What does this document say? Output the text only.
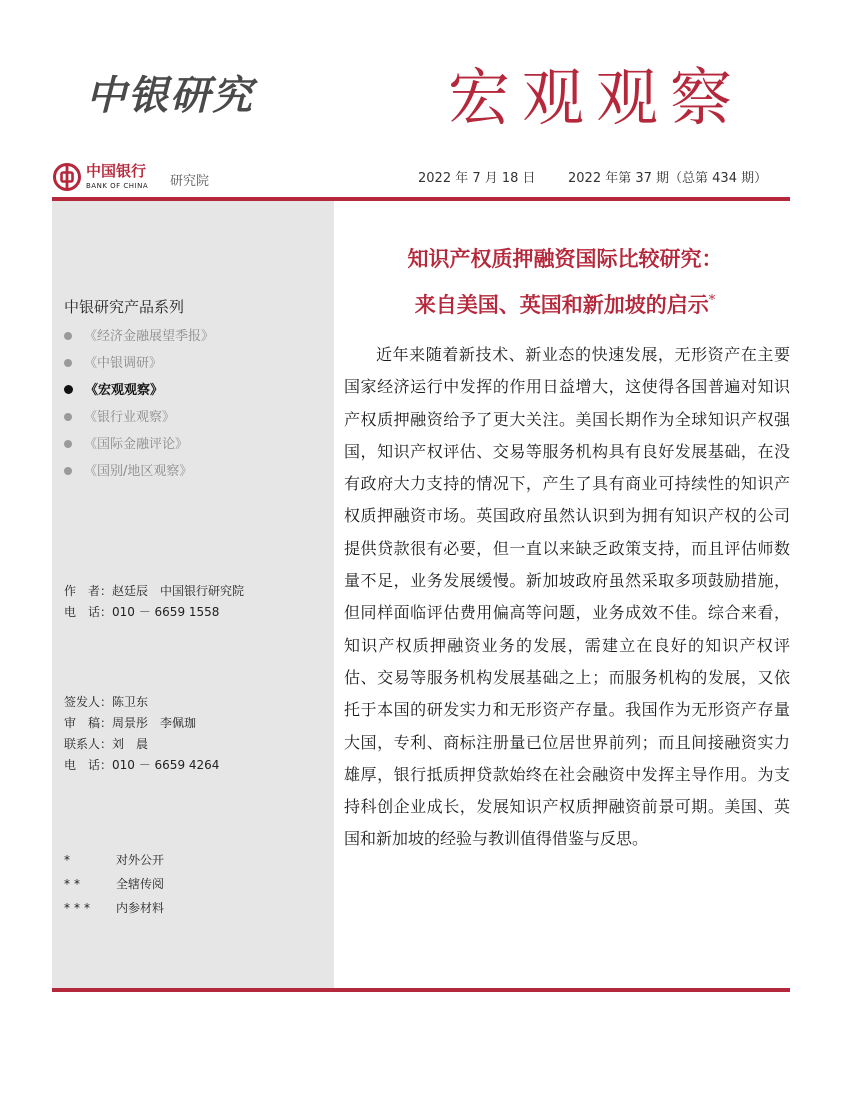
中银研究	宏观观察
中国银行
BANK OF CHINA 研究院	2022 年 7 月 18 日 2022 年第 37 期（总第 434 期）
中银研究产品系列
《经济金融展望季报》
《中银调研》
《宏观观察》
《银行业观察》
《国际金融评论》
《国别/地区观察》
作　者：赵廷辰 中国银行研究院
电　话：010 － 6659 1558
签发人：陈卫东
审　稿：周景彤　李佩珈
联系人：刘　晨
电　话：010 － 6659 4264
*	对外公开
**	全辖传阅
*** 内参材料
知识产权质押融资国际比较研究：
来自美国、英国和新加坡的启示*

近年来随着新技术、新业态的快速发展，无形资产在主要国家经济运行中发挥的作用日益增大，这使得各国普遍对知识产权质押融资给予了更大关注。美国长期作为全球知识产权强国，知识产权评估、交易等服务机构具有良好发展基础，在没有政府大力支持的情况下，产生了具有商业可持续性的知识产权质押融资市场。英国政府虽然认识到为拥有知识产权的公司提供贷款很有必要，但一直以来缺乏政策支持，而且评估师数量不足，业务发展缓慢。新加坡政府虽然采取多项鼓励措施，但同样面临评估费用偏高等问题，业务成效不佳。综合来看，知识产权质押融资业务的发展，需建立在良好的知识产权评估、交易等服务机构发展基础之上；而服务机构的发展，又依托于本国的研发实力和无形资产存量。我国作为无形资产存量大国，专利、商标注册量已位居世界前列；而且间接融资实力雄厚，银行抵质押贷款始终在社会融资中发挥主导作用。为支持科创企业成长，发展知识产权质押融资前景可期。美国、英国和新加坡的经验与教训值得借鉴与反思。
